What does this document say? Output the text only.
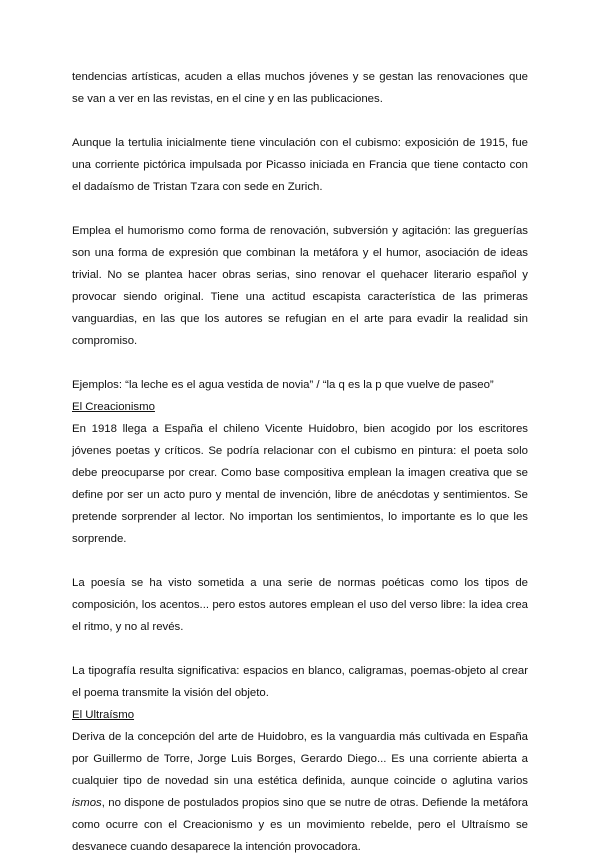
tendencias artísticas, acuden a ellas muchos jóvenes y se gestan las renovaciones que se van a ver en las revistas, en el cine y en las publicaciones.

Aunque la tertulia inicialmente tiene vinculación con el cubismo: exposición de 1915, fue una corriente pictórica impulsada por Picasso iniciada en Francia que tiene contacto con el dadaísmo de Tristan Tzara con sede en Zurich.

Emplea el humorismo como forma de renovación, subversión y agitación: las greguerías son una forma de expresión que combinan la metáfora y el humor, asociación de ideas trivial. No se plantea hacer obras serias, sino renovar el quehacer literario español y provocar siendo original. Tiene una actitud escapista característica de las primeras vanguardias, en las que los autores se refugian en el arte para evadir la realidad sin compromiso.

Ejemplos: “la leche es el agua vestida de novia” / “la q es la p que vuelve de paseo”

El Creacionismo

En 1918 llega a España el chileno Vicente Huidobro, bien acogido por los escritores jóvenes poetas y críticos. Se podría relacionar con el cubismo en pintura: el poeta solo debe preocuparse por crear. Como base compositiva emplean la imagen creativa que se define por ser un acto puro y mental de invención, libre de anécdotas y sentimientos. Se pretende sorprender al lector. No importan los sentimientos, lo importante es lo que les sorprende.

La poesía se ha visto sometida a una serie de normas poéticas como los tipos de composición, los acentos... pero estos autores emplean el uso del verso libre: la idea crea el ritmo, y no al revés.

La tipografía resulta significativa: espacios en blanco, caligramas, poemas-objeto al crear el poema transmite la visión del objeto.

El Ultraísmo

Deriva de la concepción del arte de Huidobro, es la vanguardia más cultivada en España por Guillermo de Torre, Jorge Luis Borges, Gerardo Diego... Es una corriente abierta a cualquier tipo de novedad sin una estética definida, aunque coincide o aglutina varios ismos, no dispone de postulados propios sino que se nutre de otras. Defiende la metáfora como ocurre con el Creacionismo y es un movimiento rebelde, pero el Ultraísmo se desvanece cuando desaparece la intención provocadora.
